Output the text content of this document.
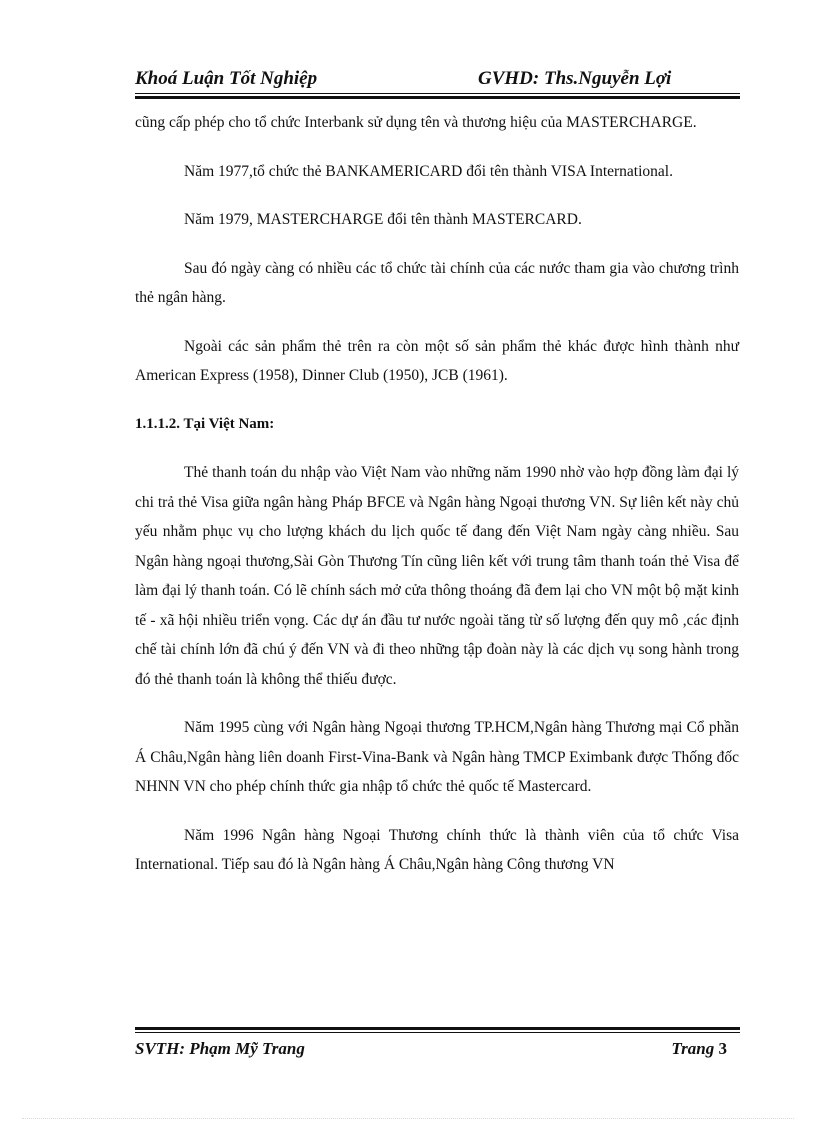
Khoá Luận Tốt Nghiệp	GVHD: Ths.Nguyễn Lợi

cũng cấp phép cho tổ chức Interbank sử dụng tên và thương hiệu của MASTERCHARGE.

Năm 1977,tổ chức thẻ BANKAMERICARD đổi tên thành VISA International.

Năm 1979, MASTERCHARGE đổi tên thành MASTERCARD.

Sau đó ngày càng có nhiều các tổ chức tài chính của các nước tham gia vào chương trình thẻ ngân hàng.

Ngoài các sản phẩm thẻ trên ra còn một số sản phẩm thẻ khác được hình thành như American Express (1958), Dinner Club (1950), JCB (1961).

1.1.1.2. Tại Việt Nam:

Thẻ thanh toán du nhập vào Việt Nam vào những năm 1990 nhờ vào hợp đồng làm đại lý chi trả thẻ Visa giữa ngân hàng Pháp BFCE và Ngân hàng Ngoại thương VN. Sự liên kết này chủ yếu nhằm phục vụ cho lượng khách du lịch quốc tế đang đến Việt Nam ngày càng nhiều. Sau Ngân hàng ngoại thương,Sài Gòn Thương Tín cũng liên kết với trung tâm thanh toán thẻ Visa để làm đại lý thanh toán. Có lẽ chính sách mở cửa thông thoáng đã đem lại cho VN một bộ mặt kinh tế - xã hội nhiều triển vọng. Các dự án đầu tư nước ngoài tăng từ số lượng đến quy mô ,các định chế tài chính lớn đã chú ý đến VN và đi theo những tập đoàn này là các dịch vụ song hành trong đó thẻ thanh toán là không thể thiếu được.

Năm 1995 cùng với Ngân hàng Ngoại thương TP.HCM,Ngân hàng Thương mại Cổ phần Á Châu,Ngân hàng liên doanh First-Vina-Bank và Ngân hàng TMCP Eximbank được Thống đốc NHNN VN cho phép chính thức gia nhập tổ chức thẻ quốc tế Mastercard.

Năm 1996 Ngân hàng Ngoại Thương chính thức là thành viên của tổ chức Visa International. Tiếp sau đó là Ngân hàng Á Châu,Ngân hàng Công thương VN

SVTH: Phạm Mỹ Trang	Trang 3
